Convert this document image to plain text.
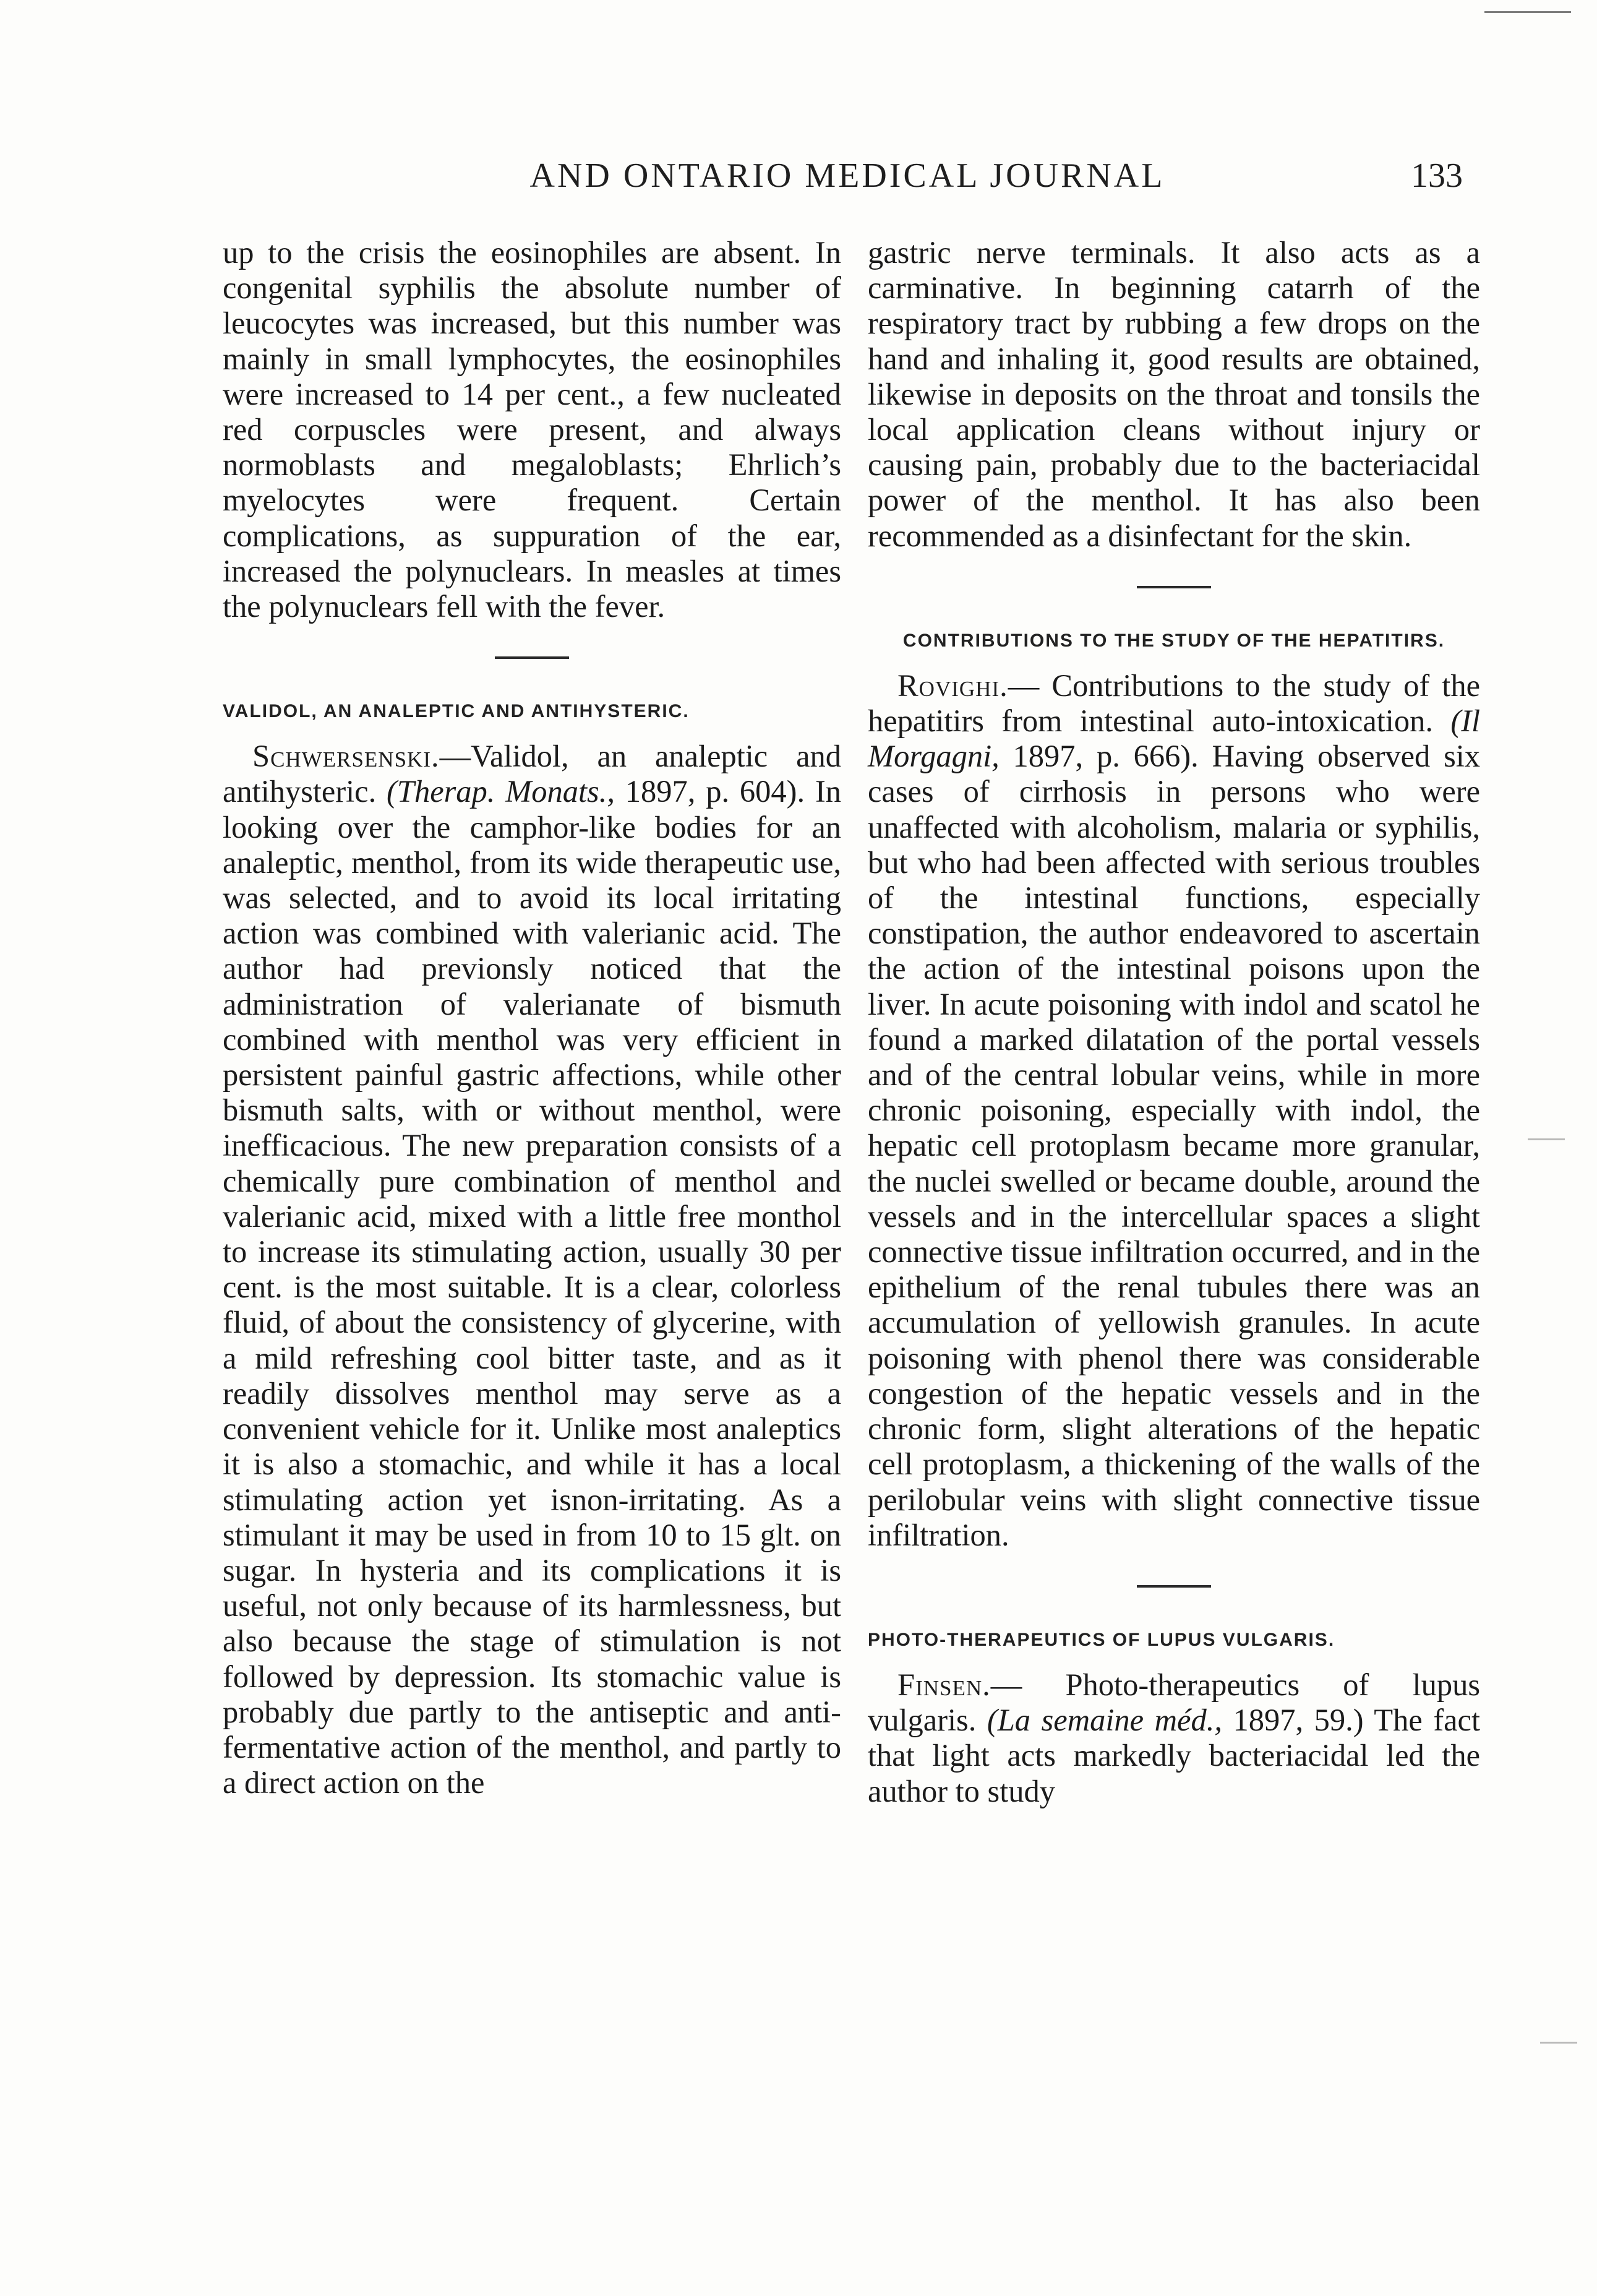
AND ONTARIO MEDICAL JOURNAL	133

up to the crisis the eosinophiles are absent. In congenital syphilis the absolute number of leucocytes was increased, but this number was mainly in small lymphocytes, the eosinophiles were increased to 14 per cent., a few nucleated red corpuscles were present, and always normoblasts and megaloblasts; Ehrlich’s myelocytes were frequent. Certain complications, as suppuration of the ear, increased the polynuclears. In measles at times the polynuclears fell with the fever.

VALIDOL, AN ANALEPTIC AND ANTIHYSTERIC.

Schwersenski.—Validol, an analeptic and antihysteric. (Therap. Monats., 1897, p. 604). In looking over the camphor-like bodies for an analeptic, menthol, from its wide therapeutic use, was selected, and to avoid its local irritating action was combined with valerianic acid. The author had previonsly noticed that the administration of valerianate of bismuth combined with menthol was very efficient in persistent painful gastric affections, while other bismuth salts, with or without menthol, were inefficacious. The new preparation consists of a chemically pure combination of menthol and valerianic acid, mixed with a little free monthol to increase its stimulating action, usually 30 per cent. is the most suitable. It is a clear, colorless fluid, of about the consistency of glycerine, with a mild refreshing cool bitter taste, and as it readily dissolves menthol may serve as a convenient vehicle for it. Unlike most analeptics it is also a stomachic, and while it has a local stimulating action yet isnon-irritating. As a stimulant it may be used in from 10 to 15 glt. on sugar. In hysteria and its complications it is useful, not only because of its harmlessness, but also because the stage of stimulation is not followed by depression. Its stomachic value is probably due partly to the antiseptic and antifermentative action of the menthol, and partly to a direct action on the

gastric nerve terminals. It also acts as a carminative. In beginning catarrh of the respiratory tract by rubbing a few drops on the hand and inhaling it, good results are obtained, likewise in deposits on the throat and tonsils the local application cleans without injury or causing pain, probably due to the bacteriacidal power of the menthol. It has also been recommended as a disinfectant for the skin.

CONTRIBUTIONS TO THE STUDY OF THE HEPATITIRS.

Rovighi.— Contributions to the study of the hepatitirs from intestinal auto-intoxication. (Il Morgagni, 1897, p. 666). Having observed six cases of cirrhosis in persons who were unaffected with alcoholism, malaria or syphilis, but who had been affected with serious troubles of the intestinal functions, especially constipation, the author endeavored to ascertain the action of the intestinal poisons upon the liver. In acute poisoning with indol and scatol he found a marked dilatation of the portal vessels and of the central lobular veins, while in more chronic poisoning, especially with indol, the hepatic cell protoplasm became more granular, the nuclei swelled or became double, around the vessels and in the intercellular spaces a slight connective tissue infiltration occurred, and in the epithelium of the renal tubules there was an accumulation of yellowish granules. In acute poisoning with phenol there was considerable congestion of the hepatic vessels and in the chronic form, slight alterations of the hepatic cell protoplasm, a thickening of the walls of the perilobular veins with slight connective tissue infiltration.

PHOTO-THERAPEUTICS OF LUPUS VULGARIS.

Finsen.— Photo-therapeutics of lupus vulgaris. (La semaine méd., 1897, 59.) The fact that light acts markedly bacteriacidal led the author to study
